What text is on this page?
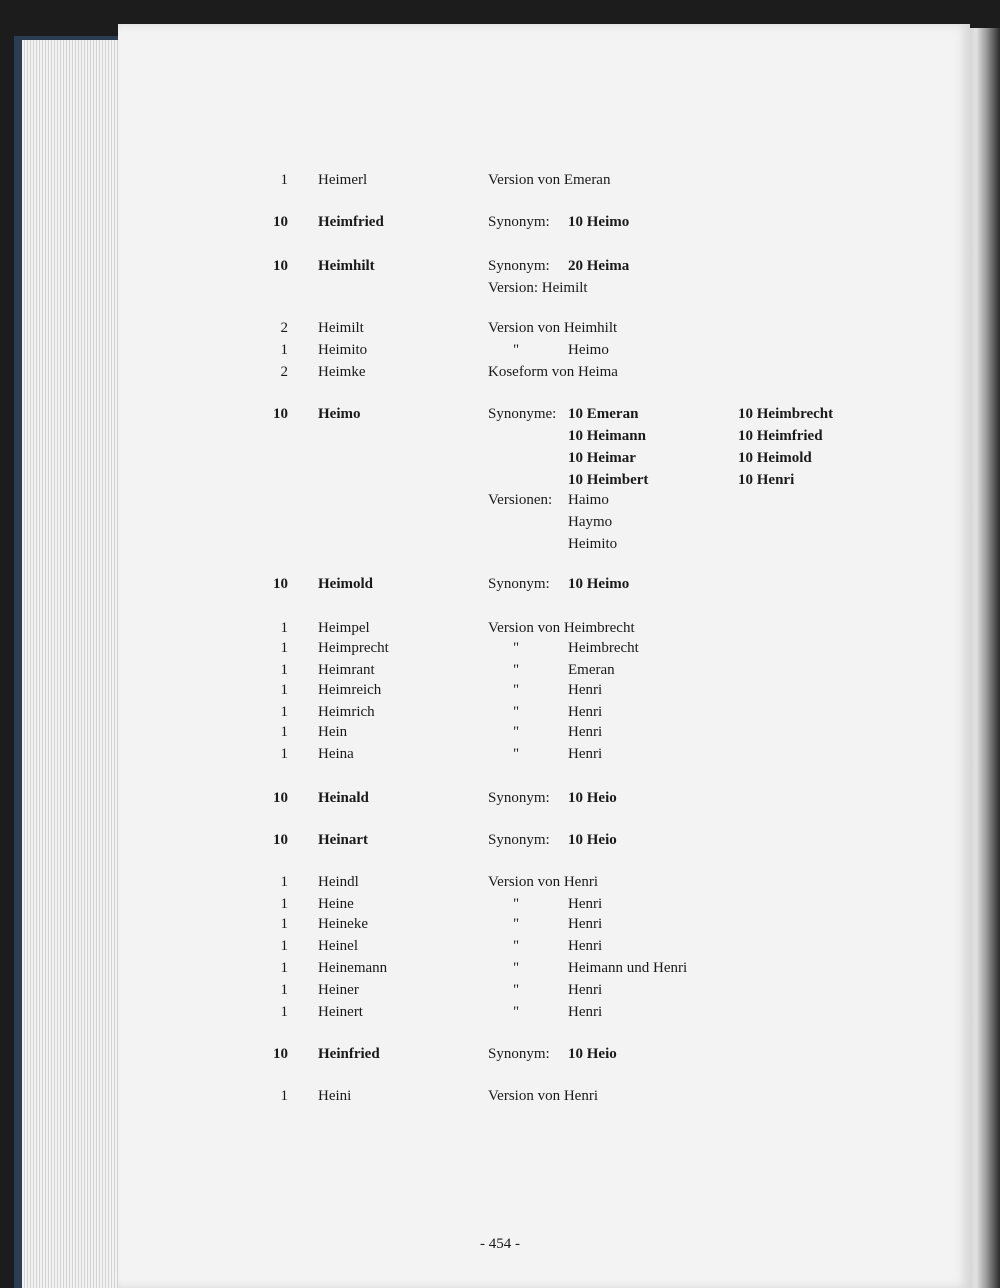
1 Heimerl	Version von Emeran
10 Heimfried	Synonym: 10 Heimo
10 Heimhilt	Synonym: 20 Heima
Version: Heimilt
2 Heimilt	Version von Heimhilt
1 Heimito	"	Heimo
2 Heimke	Koseform von Heima
10 Heimo	Synonyme: 10 Emeran	10 Heimbrecht
10 Heimann	10 Heimfried
10 Heimar	10 Heimold
10 Heimbert	10 Henri
Versionen: Haimo
Haymo
Heimito
10 Heimold	Synonym: 10 Heimo
1 Heimpel	Version von Heimbrecht
1 Heimprecht	"	Heimbrecht
1 Heimrant	"	Emeran
1 Heimreich	"	Henri
1 Heimrich	"	Henri
1 Hein	"	Henri
1 Heina	"	Henri
10 Heinald	Synonym: 10 Heio
10 Heinart	Synonym: 10 Heio
1 Heindl	Version von Henri
1 Heine	"	Henri
1 Heineke	"	Henri
1 Heinel	"	Henri
1 Heinemann	"	Heimann und Henri
1 Heiner	"	Henri
1 Heinert	"	Henri
10 Heinfried	Synonym: 10 Heio
1 Heini	Version von Henri
- 454 -
